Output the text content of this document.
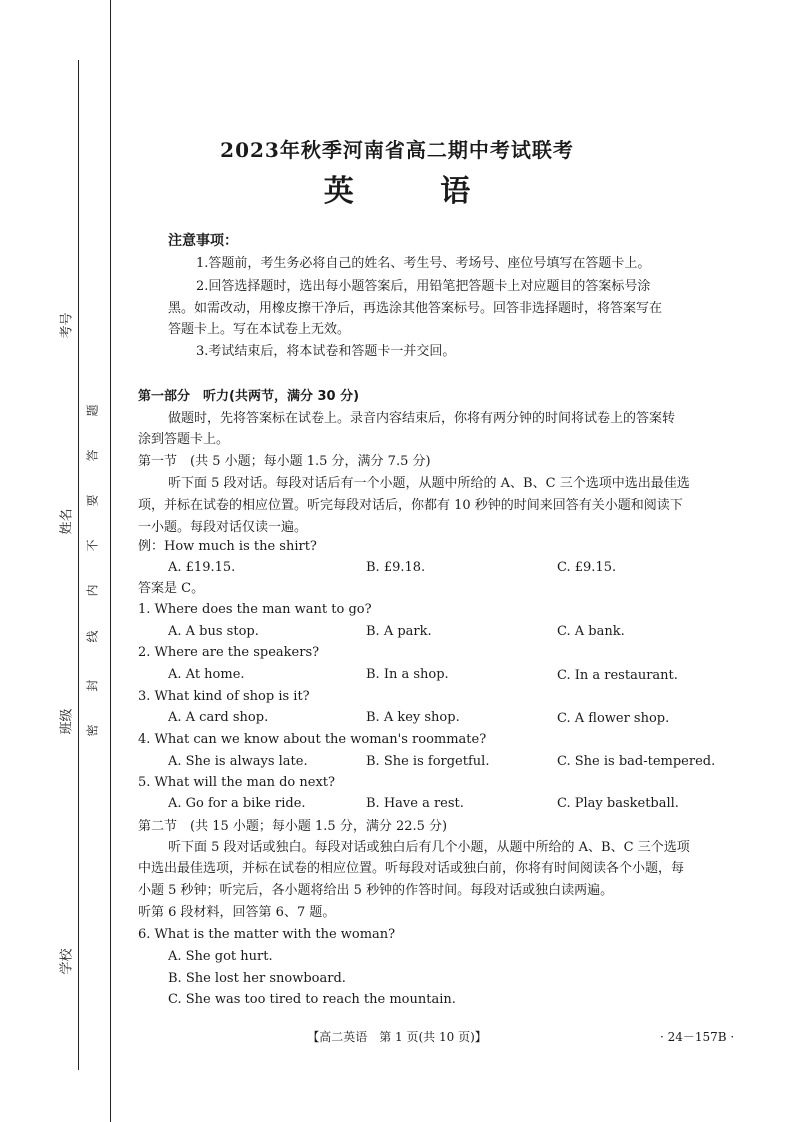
考号
姓名
班级
学校
密
封
线
内
不
要
答
题
2023年秋季河南省高二期中考试联考
英 语
注意事项：
1.答题前，考生务必将自己的姓名、考生号、考场号、座位号填写在答题卡上。
2.回答选择题时，选出每小题答案后，用铅笔把答题卡上对应题目的答案标号涂
黑。如需改动，用橡皮擦干净后，再选涂其他答案标号。回答非选择题时，将答案写在
答题卡上。写在本试卷上无效。
3.考试结束后，将本试卷和答题卡一并交回。
第一部分　听力(共两节，满分 30 分)
做题时，先将答案标在试卷上。录音内容结束后，你将有两分钟的时间将试卷上的答案转
涂到答题卡上。
第一节　(共 5 小题；每小题 1.5 分，满分 7.5 分)
听下面 5 段对话。每段对话后有一个小题，从题中所给的 A、B、C 三个选项中选出最佳选
项，并标在试卷的相应位置。听完每段对话后，你都有 10 秒钟的时间来回答有关小题和阅读下
一小题。每段对话仅读一遍。
例：How much is the shirt?
A. £19.15.	B. £9.18.	C. £9.15.
答案是 C。
1. Where does the man want to go?
A. A bus stop.	B. A park.	C. A bank.
2. Where are the speakers?
A. At home.	B. In a shop.	C. In a restaurant.
3. What kind of shop is it?
A. A card shop.	B. A key shop.	C. A flower shop.
4. What can we know about the woman's roommate?
A. She is always late.	B. She is forgetful.	C. She is bad-tempered.
5. What will the man do next?
A. Go for a bike ride.	B. Have a rest.	C. Play basketball.
第二节　(共 15 小题；每小题 1.5 分，满分 22.5 分)
听下面 5 段对话或独白。每段对话或独白后有几个小题，从题中所给的 A、B、C 三个选项
中选出最佳选项，并标在试卷的相应位置。听每段对话或独白前，你将有时间阅读各个小题，每
小题 5 秒钟；听完后，各小题将给出 5 秒钟的作答时间。每段对话或独白读两遍。
听第 6 段材料，回答第 6、7 题。
6. What is the matter with the woman?
A. She got hurt.
B. She lost her snowboard.
C. She was too tired to reach the mountain.
【高二英语　第 1 页(共 10 页)】	· 24－157B ·
